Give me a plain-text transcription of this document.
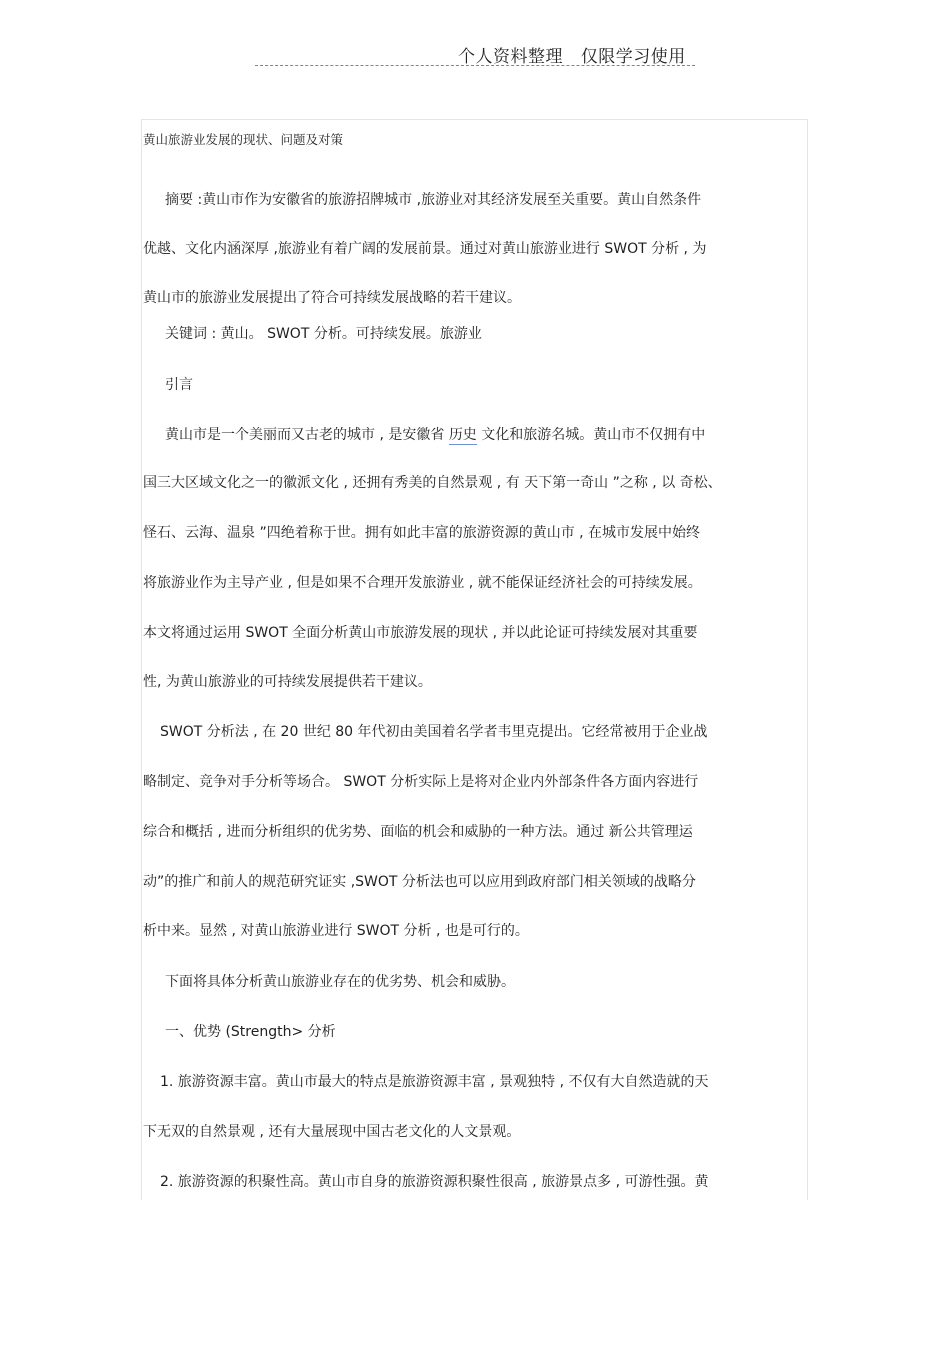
个人资料整理   仅限学习使用
黄山旅游业发展的现状、问题及对策
摘要 :黄山市作为安徽省的旅游招牌城市 ,旅游业对其经济发展至关重要。黄山自然条件
优越、文化内涵深厚 ,旅游业有着广阔的发展前景。通过对黄山旅游业进行 SWOT 分析 , 为
黄山市的旅游业发展提出了符合可持续发展战略的若干建议。
关键词 : 黄山。 SWOT 分析。可持续发展。旅游业
引言
黄山市是一个美丽而又古老的城市 , 是安徽省 历史 文化和旅游名城。黄山市不仅拥有中
国三大区域文化之一的徽派文化 , 还拥有秀美的自然景观 , 有 天下第一奇山 ”之称 , 以 奇松、
怪石、云海、温泉 ”四绝着称于世。拥有如此丰富的旅游资源的黄山市 , 在城市发展中始终
将旅游业作为主导产业 , 但是如果不合理开发旅游业 , 就不能保证经济社会的可持续发展。
本文将通过运用 SWOT 全面分析黄山市旅游发展的现状 , 并以此论证可持续发展对其重要
性, 为黄山旅游业的可持续发展提供若干建议。
SWOT 分析法 , 在 20 世纪 80 年代初由美国着名学者韦里克提出。它经常被用于企业战
略制定、竞争对手分析等场合。 SWOT 分析实际上是将对企业内外部条件各方面内容进行
综合和概括 , 进而分析组织的优劣势、面临的机会和威胁的一种方法。通过 新公共管理运
动”的推广和前人的规范研究证实 ,SWOT 分析法也可以应用到政府部门相关领域的战略分
析中来。显然 , 对黄山旅游业进行 SWOT 分析 , 也是可行的。
下面将具体分析黄山旅游业存在的优劣势、机会和威胁。
一、优势 (Strength> 分析
1. 旅游资源丰富。黄山市最大的特点是旅游资源丰富 , 景观独特 , 不仅有大自然造就的天
下无双的自然景观 , 还有大量展现中国古老文化的人文景观。
2. 旅游资源的积聚性高。黄山市自身的旅游资源积聚性很高 , 旅游景点多 , 可游性强。黄
